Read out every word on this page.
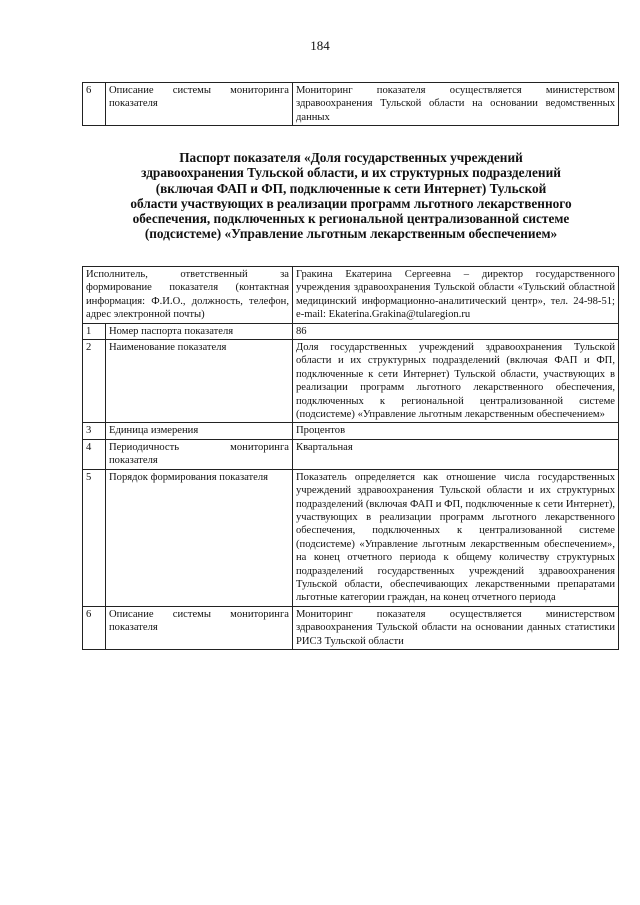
184
6	Описание системы мониторинга показателя	Мониторинг показателя осуществляется министерством здравоохранения Тульской области на основании ведомственных данных
Паспорт показателя «Доля государственных учреждений
здравоохранения Тульской области, и их структурных подразделений
(включая ФАП и ФП, подключенные к сети Интернет) Тульской
области участвующих в реализации программ льготного лекарственного
обеспечения, подключенных к региональной централизованной системе
(подсистеме) «Управление льготным лекарственным обеспечением»
Исполнитель, ответственный за формирование показателя (контактная информация: Ф.И.О., должность, телефон, адрес электронной почты)		Гракина Екатерина Сергеевна – директор государственного учреждения здравоохранения Тульской области «Тульский областной медицинский информационно-аналитический центр», тел. 24-98-51; e-mail: Ekaterina.Grakina@tularegion.ru
1	Номер паспорта показателя	86
2	Наименование показателя	Доля государственных учреждений здравоохранения Тульской области и их структурных подразделений (включая ФАП и ФП, подключенные к сети Интернет) Тульской области, участвующих в реализации программ льготного лекарственного обеспечения, подключенных к региональной централизованной системе (подсистеме) «Управление льготным лекарственным обеспечением»
3	Единица измерения	Процентов
4	Периодичность мониторинга показателя	Квартальная
5	Порядок формирования показателя	Показатель определяется как отношение числа государственных учреждений здравоохранения Тульской области и их структурных подразделений (включая ФАП и ФП, подключенные к сети Интернет), участвующих в реализации программ льготного лекарственного обеспечения, подключенных к централизованной системе (подсистеме) «Управление льготным лекарственным обеспечением», на конец отчетного периода к общему количеству структурных подразделений государственных учреждений здравоохранения Тульской области, обеспечивающих лекарственными препаратами льготные категории граждан, на конец отчетного периода
6	Описание системы мониторинга показателя	Мониторинг показателя осуществляется министерством здравоохранения Тульской области на основании данных статистики РИСЗ Тульской области
